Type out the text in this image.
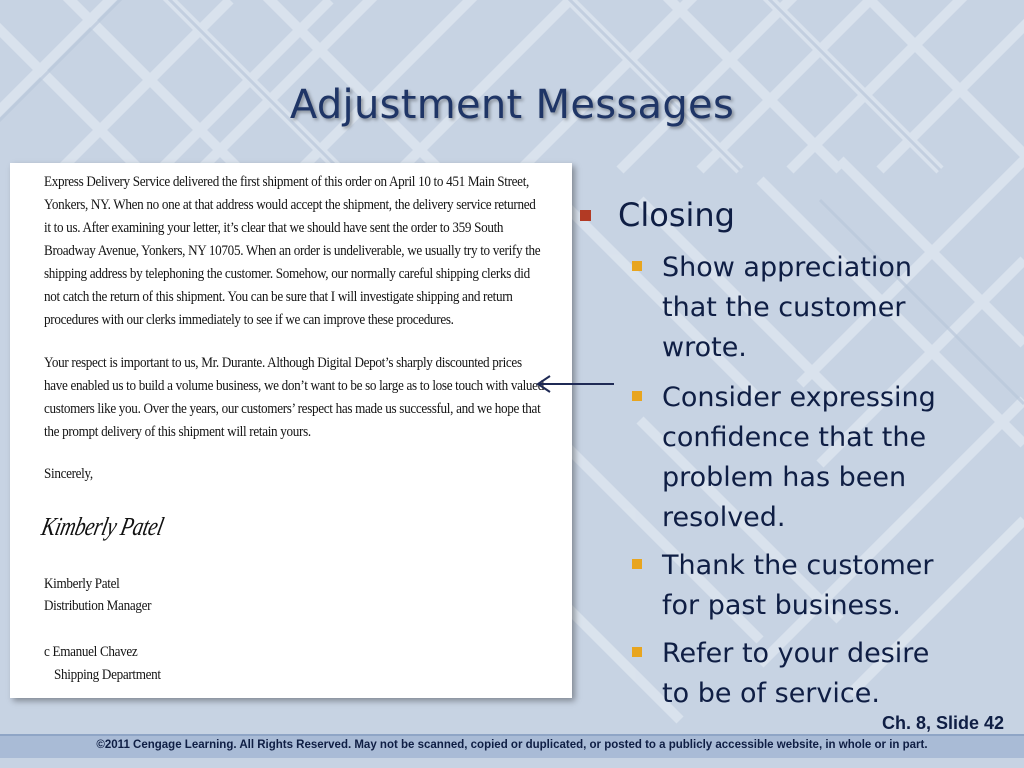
Adjustment Messages
Express Delivery Service delivered the first shipment of this order on April 10 to 451 Main Street,
Yonkers, NY. When no one at that address would accept the shipment, the delivery service returned
it to us. After examining your letter, it’s clear that we should have sent the order to 359 South
Broadway Avenue, Yonkers, NY 10705. When an order is undeliverable, we usually try to verify the
shipping address by telephoning the customer. Somehow, our normally careful shipping clerks did
not catch the return of this shipment. You can be sure that I will investigate shipping and return
procedures with our clerks immediately to see if we can improve these procedures.
Your respect is important to us, Mr. Durante. Although Digital Depot’s sharply discounted prices
have enabled us to build a volume business, we don’t want to be so large as to lose touch with valued
customers like you. Over the years, our customers’ respect has made us successful, and we hope that
the prompt delivery of this shipment will retain yours.
Sincerely,
Kimberly Patel
Kimberly Patel
Distribution Manager
c Emanuel Chavez
Shipping Department
Closing
Show appreciation
that the customer
wrote.
Consider expressing
confidence that the
problem has been
resolved.
Thank the customer
for past business.
Refer to your desire
to be of service.
Ch. 8, Slide 42
©2011 Cengage Learning. All Rights Reserved. May not be scanned, copied or duplicated, or posted to a publicly accessible website, in whole or in part.
